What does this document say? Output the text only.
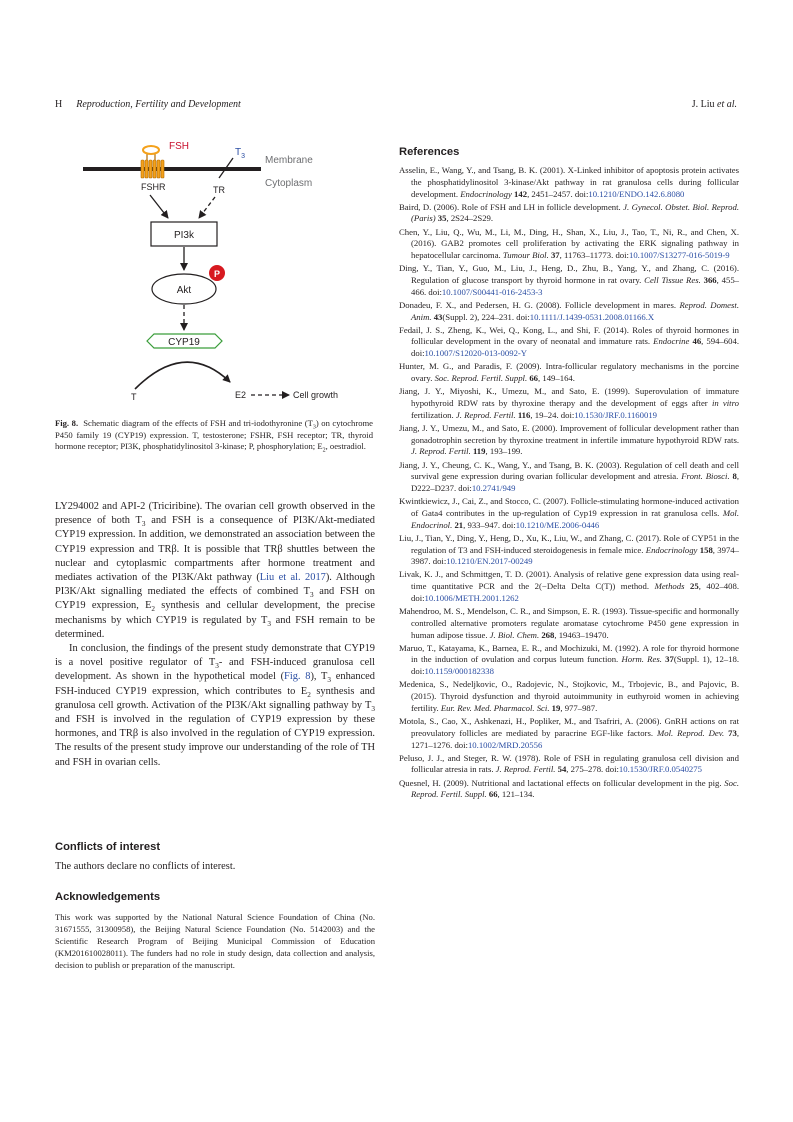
H Reproduction, Fertility and Development	J. Liu et al.
FSH
$T_3$ Membrane
Cytoplasm
FSHR	TR
PI3k
Akt
P
CYP19
T	E2	Cell growth
Fig. 8. Schematic diagram of the effects of FSH and tri-iodothyronine $(T_3)$ on cytochrome P450 family 19 (CYP19) expression. T, testosterone; FSHR, FSH receptor; TR, thyroid hormone receptor; PI3K, phosphatidylinositol 3-kinase; P, phosphorylation; $E_2$, oestradiol.

LY294002 and API-2 (Triciribine). The ovarian cell growth observed in the presence of both $T_3$ and FSH is a consequence of PI3K/Akt-mediated CYP19 expression. In addition, we demonstrated an association between the CYP19 expression and TRβ. It is possible that TRβ shuttles between the nuclear and cytoplasmic compartments after hormone treatment and mediates activation of the PI3K/Akt pathway (Liu et al. 2017). Although PI3K/Akt signalling mediated the effects of combined $T_3$ and FSH on CYP19 expression, $E_2$ synthesis and cellular development, the precise mechanisms by which CYP19 is regulated by $T_3$ and FSH remain to be determined.

In conclusion, the findings of the present study demonstrate that CYP19 is a novel positive regulator of $T_3-$ and FSH-induced granulosa cell development. As shown in the hypothetical model (Fig. 8), $T_3$ enhanced FSH-induced CYP19 expression, which contributes to $E_2$ synthesis and granulosa cell growth. Activation of the PI3K/Akt signalling pathway by $T_3$ and FSH is involved in the regulation of CYP19 expression by these hormones, and TRβ is also involved in the regulation of CYP19 expression. The results of the present study improve our understanding of the role of TH and FSH in ovarian cells.

Conflicts of interest
The authors declare no conflicts of interest.
Acknowledgements
This work was supported by the National Natural Science Foundation of China (No. 31671555, 31300958), the Beijing Natural Science Foundation (No. 5142003) and the Scientific Research Program of Beijing Municipal Commission of Education (KM201610028011). The funders had no role in study design, data collection and analysis, decision to publish or preparation of the manuscript.
References
Asselin, E., Wang, Y., and Tsang, B. K. (2001). X-Linked inhibitor of apoptosis protein activates the phosphatidylinositol 3-kinase/Akt pathway in rat granulosa cells during follicular development. Endocrinology 142, 2451–2457. doi:10.1210/ENDO.142.6.8080
Baird, D. (2006). Role of FSH and LH in follicle development. J. Gynecol. Obstet. Biol. Reprod. (Paris) 35, 2S24–2S29.
Chen, Y., Liu, Q., Wu, M., Li, M., Ding, H., Shan, X., Liu, J., Tao, T., Ni, R., and Chen, X. (2016). GAB2 promotes cell proliferation by activating the ERK signaling pathway in hepatocellular carcinoma. Tumour Biol. 37, 11763–11773. doi:10.1007/S13277-016-5019-9
Ding, Y., Tian, Y., Guo, M., Liu, J., Heng, D., Zhu, B., Yang, Y., and Zhang, C. (2016). Regulation of glucose transport by thyroid hormone in rat ovary. Cell Tissue Res. 366, 455–466. doi:10.1007/S00441-016-2453-3
Donadeu, F. X., and Pedersen, H. G. (2008). Follicle development in mares. Reprod. Domest. Anim. 43(Suppl. 2), 224–231. doi:10.1111/J.1439-0531.2008.01166.X
Fedail, J. S., Zheng, K., Wei, Q., Kong, L., and Shi, F. (2014). Roles of thyroid hormones in follicular development in the ovary of neonatal and immature rats. Endocrine 46, 594–604. doi:10.1007/S12020-013-0092-Y
Hunter, M. G., and Paradis, F. (2009). Intra-follicular regulatory mechanisms in the porcine ovary. Soc. Reprod. Fertil. Suppl. 66, 149–164.
Jiang, J. Y., Miyoshi, K., Umezu, M., and Sato, E. (1999). Superovulation of immature hypothyroid RDW rats by thyroxine therapy and the development of eggs after in vitro fertilization. J. Reprod. Fertil. 116, 19–24. doi:10.1530/JRF.0.1160019
Jiang, J. Y., Umezu, M., and Sato, E. (2000). Improvement of follicular development rather than gonadotrophin secretion by thyroxine treatment in infertile immature hypothyroid RDW rats. J. Reprod. Fertil. 119, 193–199.
Jiang, J. Y., Cheung, C. K., Wang, Y., and Tsang, B. K. (2003). Regulation of cell death and cell survival gene expression during ovarian follicular development and atresia. Front. Biosci. 8, D222–D237. doi:10.2741/949
Kwintkiewicz, J., Cai, Z., and Stocco, C. (2007). Follicle-stimulating hormone-induced activation of Gata4 contributes in the up-regulation of Cyp19 expression in rat granulosa cells. Mol. Endocrinol. 21, 933–947. doi:10.1210/ME.2006-0446
Liu, J., Tian, Y., Ding, Y., Heng, D., Xu, K., Liu, W., and Zhang, C. (2017). Role of CYP51 in the regulation of T3 and FSH-induced steroidogenesis in female mice. Endocrinology 158, 3974–3987. doi:10.1210/EN.2017-00249
Livak, K. J., and Schmittgen, T. D. (2001). Analysis of relative gene expression data using real-time quantitative PCR and the 2(−Delta Delta C(T)) method. Methods 25, 402–408. doi:10.1006/METH.2001.1262
Mahendroo, M. S., Mendelson, C. R., and Simpson, E. R. (1993). Tissue-specific and hormonally controlled alternative promoters regulate aromatase cytochrome P450 gene expression in human adipose tissue. J. Biol. Chem. 268, 19463–19470.
Maruo, T., Katayama, K., Barnea, E. R., and Mochizuki, M. (1992). A role for thyroid hormone in the induction of ovulation and corpus luteum function. Horm. Res. 37(Suppl. 1), 12–18. doi:10.1159/000182338
Medenica, S., Nedeljkovic, O., Radojevic, N., Stojkovic, M., Trbojevic, B., and Pajovic, B. (2015). Thyroid dysfunction and thyroid autoimmunity in euthyroid women in achieving fertility. Eur. Rev. Med. Pharmacol. Sci. 19, 977–987.
Motola, S., Cao, X., Ashkenazi, H., Popliker, M., and Tsafriri, A. (2006). GnRH actions on rat preovulatory follicles are mediated by paracrine EGF-like factors. Mol. Reprod. Dev. 73, 1271–1276. doi:10.1002/MRD.20556
Peluso, J. J., and Steger, R. W. (1978). Role of FSH in regulating granulosa cell division and follicular atresia in rats. J. Reprod. Fertil. 54, 275–278. doi:10.1530/JRF.0.0540275
Quesnel, H. (2009). Nutritional and lactational effects on follicular development in the pig. Soc. Reprod. Fertil. Suppl. 66, 121–134.
